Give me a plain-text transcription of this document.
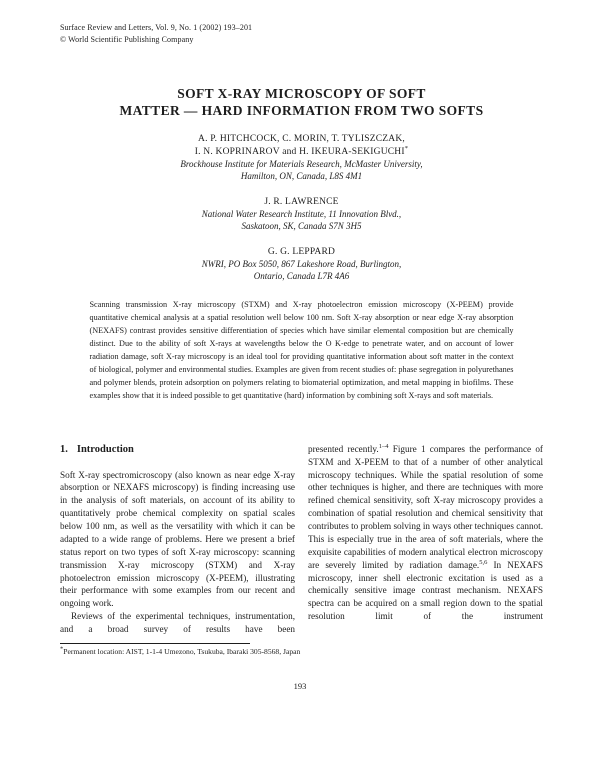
Surface Review and Letters, Vol. 9, No. 1 (2002) 193–201
© World Scientific Publishing Company
SOFT X-RAY MICROSCOPY OF SOFT
MATTER — HARD INFORMATION FROM TWO SOFTS
A. P. HITCHCOCK, C. MORIN, T. TYLISZCZAK,
I. N. KOPRINAROV and H. IKEURA-SEKIGUCHI*
Brockhouse Institute for Materials Research, McMaster University,
Hamilton, ON, Canada, L8S 4M1
J. R. LAWRENCE
National Water Research Institute, 11 Innovation Blvd.,
Saskatoon, SK, Canada S7N 3H5
G. G. LEPPARD
NWRI, PO Box 5050, 867 Lakeshore Road, Burlington,
Ontario, Canada L7R 4A6
Scanning transmission X-ray microscopy (STXM) and X-ray photoelectron emission microscopy (X-PEEM) provide quantitative chemical analysis at a spatial resolution well below 100 nm. Soft X-ray absorption or near edge X-ray absorption (NEXAFS) contrast provides sensitive differentiation of species which have similar elemental composition but are chemically distinct. Due to the ability of soft X-rays at wavelengths below the O K-edge to penetrate water, and on account of lower radiation damage, soft X-ray microscopy is an ideal tool for providing quantitative information about soft matter in the context of biological, polymer and environmental studies. Examples are given from recent studies of: phase segregation in polyurethanes and polymer blends, protein adsorption on polymers relating to biomaterial optimization, and metal mapping in biofilms. These examples show that it is indeed possible to get quantitative (hard) information by combining soft X-rays and soft materials.
1. Introduction

Soft X-ray spectromicroscopy (also known as near edge X-ray absorption or NEXAFS microscopy) is finding increasing use in the analysis of soft materials, on account of its ability to quantitatively probe chemical complexity on spatial scales below 100 nm, as well as the versatility with which it can be adapted to a wide range of problems. Here we present a brief status report on two types of soft X-ray microscopy: scanning transmission X-ray microscopy (STXM) and X-ray photoelectron emission microscopy (X-PEEM), illustrating their performance with some examples from our recent and ongoing work.

Reviews of the experimental techniques, instrumentation, and a broad survey of results have been

presented recently.$^{1-4}$ Figure 1 compares the performance of STXM and X-PEEM to that of a number of other analytical microscopy techniques. While the spatial resolution of some other techniques is higher, and there are techniques with more refined chemical sensitivity, soft X-ray microscopy provides a combination of spatial resolution and chemical sensitivity that contributes to problem solving in ways other techniques cannot. This is especially true in the area of soft materials, where the exquisite capabilities of modern analytical electron microscopy are severely limited by radiation damage.$^{5,6}$ In NEXAFS microscopy, inner shell electronic excitation is used as a chemically sensitive image contrast mechanism. NEXAFS spectra can be acquired on a small region down to the spatial resolution limit of the instrument

*Permanent location: AIST, 1-1-4 Umezono, Tsukuba, Ibaraki 305-8568, Japan
193
